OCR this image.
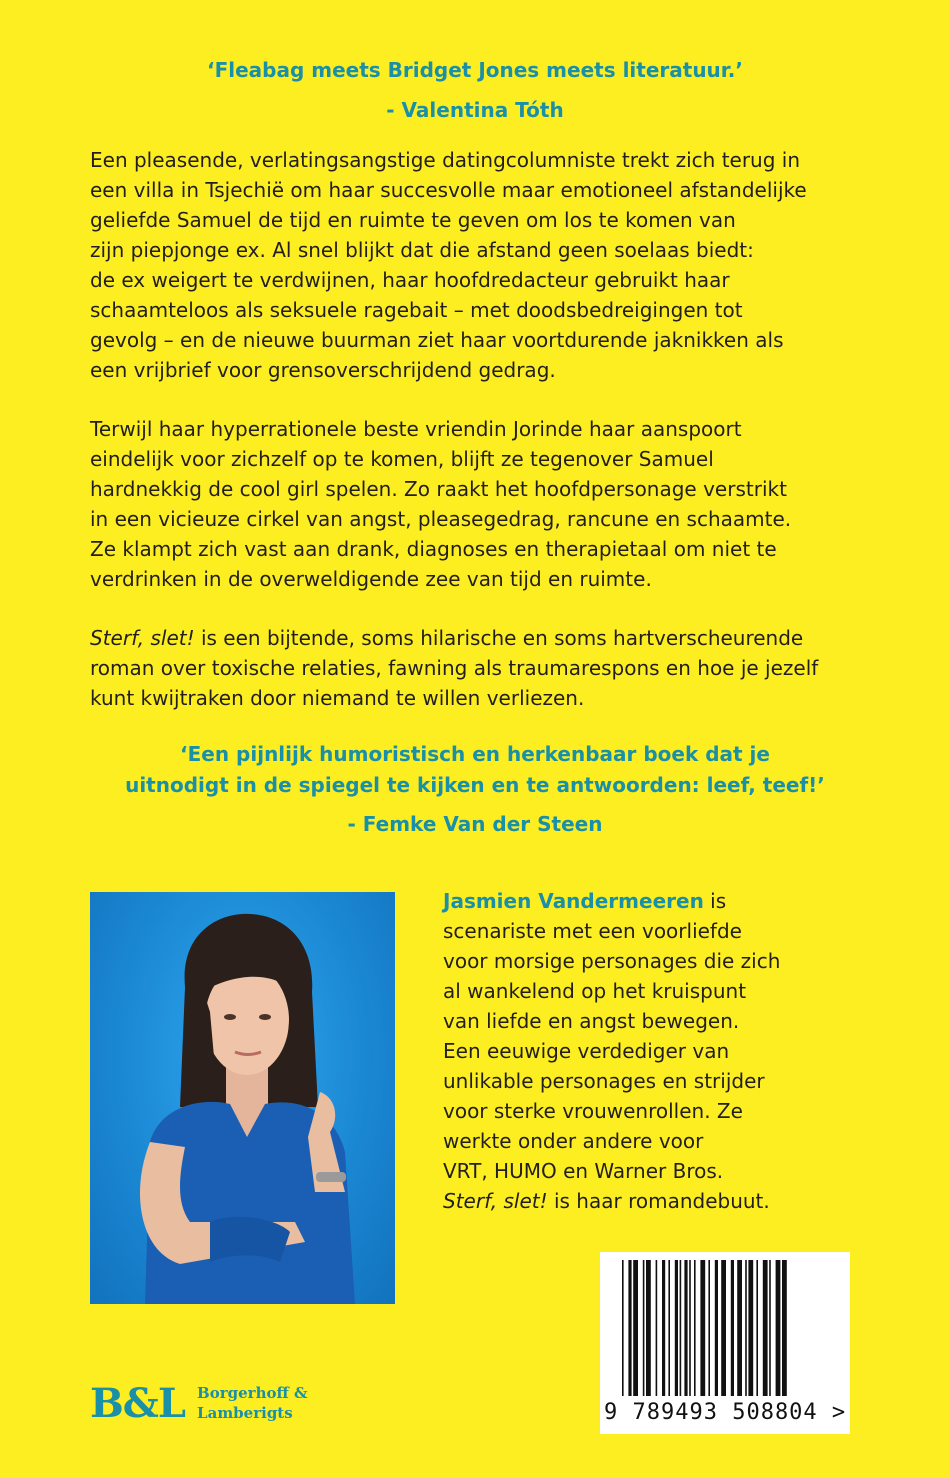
‘Fleabag meets Bridget Jones meets literatuur.’

- Valentina Tóth

Een pleasende, verlatingsangstige datingcolumniste trekt zich terug in
een villa in Tsjechië om haar succesvolle maar emotioneel afstandelijke
geliefde Samuel de tijd en ruimte te geven om los te komen van
zijn piepjonge ex. Al snel blijkt dat die afstand geen soelaas biedt:
de ex weigert te verdwijnen, haar hoofdredacteur gebruikt haar
schaamteloos als seksuele ragebait – met doodsbedreigingen tot
gevolg – en de nieuwe buurman ziet haar voortdurende jaknikken als
een vrijbrief voor grensoverschrijdend gedrag.
Terwijl haar hyperrationele beste vriendin Jorinde haar aanspoort
eindelijk voor zichzelf op te komen, blijft ze tegenover Samuel
hardnekkig de cool girl spelen. Zo raakt het hoofdpersonage verstrikt
in een vicieuze cirkel van angst, pleasegedrag, rancune en schaamte.
Ze klampt zich vast aan drank, diagnoses en therapietaal om niet te
verdrinken in de overweldigende zee van tijd en ruimte.
Sterf, slet! is een bijtende, soms hilarische en soms hartverscheurende
roman over toxische relaties, fawning als traumarespons en hoe je jezelf
kunt kwijtraken door niemand te willen verliezen.

‘Een pijnlijk humoristisch en herkenbaar boek dat je

uitnodigt in de spiegel te kijken en te antwoorden: leef, teef!’

- Femke Van der Steen

Jasmien Vandermeeren is
scenariste met een voorliefde
voor morsige personages die zich
al wankelend op het kruispunt
van liefde en angst bewegen.
Een eeuwige verdediger van
unlikable personages en strijder
voor sterke vrouwenrollen. Ze
werkte onder andere voor
VRT, HUMO en Warner Bros.
Sterf, slet! is haar romandebuut.
B&L Borgerhoff &
Lamberigts	9 789493 508804 >
